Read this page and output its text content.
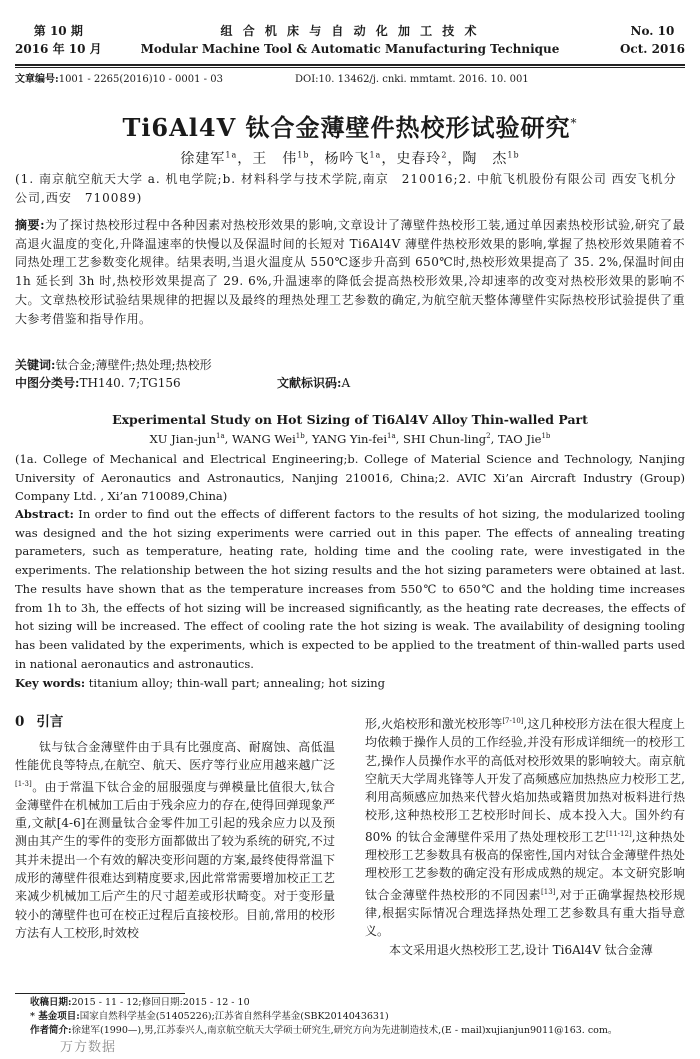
第 10 期
2016 年 10 月
组 合 机 床 与 自 动 化 加 工 技 术
Modular Machine Tool & Automatic Manufacturing Technique
No. 10
Oct. 2016
文章编号:1001 - 2265(2016)10 - 0001 - 03	DOI:10. 13462/j. cnki. mmtamt. 2016. 10. 001
Ti6Al4V 钛合金薄壁件热校形试验研究*
徐建军$^{1a}$，王　伟$^{1b}$，杨吟飞$^{1a}$，史春玲$^2$，陶　杰$^{1b}$
(1. 南京航空航天大学 a. 机电学院;b. 材料科学与技术学院,南京　210016;2. 中航飞机股份有限公司 西安飞机分公司,西安　710089)
摘要:为了探讨热校形过程中各种因素对热校形效果的影响,文章设计了薄壁件热校形工装,通过单因素热校形试验,研究了最高退火温度的变化,升降温速率的快慢以及保温时间的长短对 Ti6Al4V 薄壁件热校形效果的影响,掌握了热校形效果随着不同热处理工艺参数变化规律。结果表明,当退火温度从 550℃逐步升高到 650℃时,热校形效果提高了 35. 2%,保温时间由 1h 延长到 3h 时,热校形效果提高了 29. 6%,升温速率的降低会提高热校形效果,冷却速率的改变对热校形效果的影响不大。文章热校形试验结果规律的把握以及最终的理热处理工艺参数的确定,为航空航天整体薄壁件实际热校形试验提供了重大参考借鉴和指导作用。
关键词:钛合金;薄壁件;热处理;热校形
中图分类号:TH140. 7;TG156	文献标识码:A
Experimental Study on Hot Sizing of Ti6Al4V Alloy Thin-walled Part
XU Jian-jun$^{1a}$, WANG Wei$^{1b}$, YANG Yin-fei$^{1a}$, SHI Chun-ling$^2$, TAO Jie$^{1b}$
(1a. College of Mechanical and Electrical Engineering;b. College of Material Science and Technology, Nanjing University of Aeronautics and Astronautics, Nanjing 210016, China;2. AVIC Xi’an Aircraft Industry (Group) Company Ltd. , Xi’an 710089,China)
Abstract: In order to find out the effects of different factors to the results of hot sizing, the modularized tooling was designed and the hot sizing experiments were carried out in this paper. The effects of annealing treating parameters, such as temperature, heating rate, holding time and the cooling rate, were investigated in the experiments. The relationship between the hot sizing results and the hot sizing parameters were obtained at last. The results have shown that as the temperature increases from 550℃ to 650℃ and the holding time increases from 1h to 3h, the effects of hot sizing will be increased significantly, as the heating rate decreases, the effects of hot sizing will be increased. The effect of cooling rate the hot sizing is weak. The availability of designing tooling has been validated by the experiments, which is expected to be applied to the treatment of thin-walled parts used in national aeronautics and astronautics.
Key words: titanium alloy; thin-wall part; annealing; hot sizing
0 引言

钛与钛合金薄壁件由于具有比强度高、耐腐蚀、高低温性能优良等特点,在航空、航天、医疗等行业应用越来越广泛[1-3]。由于常温下钛合金的屈服强度与弹模量比值很大,钛合金薄壁件在机械加工后由于残余应力的存在,使得回弹现象严重,文献[4-6]在测量钛合金零件加工引起的残余应力以及预测由其产生的零件的变形方面都做出了较为系统的研究,不过其并未提出一个有效的解决变形问题的方案,最终使得常温下成形的薄壁件很难达到精度要求,因此常常需要增加校正工艺来减少机械加工后产生的尺寸超差或形状畸变。对于变形量较小的薄壁件也可在校正过程后直接校形。目前,常用的校形方法有人工校形,时效校

形,火焰校形和激光校形等[7-10],这几种校形方法在很大程度上均依赖于操作人员的工作经验,并没有形成详细统一的校形工艺,操作人员操作水平的高低对校形效果的影响较大。南京航空航天大学周兆锋等人开发了高频感应加热热应力校形工艺,利用高频感应加热来代替火焰加热或籍贯加热对板料进行热校形,这种热校形工艺校形时间长、成本投入大。国外约有 80% 的钛合金薄壁件采用了热处理校形工艺[11-12],这种热处理校形工艺参数具有极高的保密性,国内对钛合金薄壁件热处理校形工艺参数的确定没有形成成熟的规定。本文研究影响钛合金薄壁件热校形的不同因素[13],对于正确掌握热校形规律,根据实际情况合理选择热处理工艺参数具有重大指导意义。

本文采用退火热校形工艺,设计 Ti6Al4V 钛合金薄

收稿日期:2015 - 11 - 12;修回日期:2015 - 12 - 10
* 基金项目:国家自然科学基金(51405226);江苏省自然科学基金(SBK2014043631)
作者简介:徐建军(1990—),男,江苏泰兴人,南京航空航天大学硕士研究生,研究方向为先进制造技术,(E - mail)xujianjun9011@163. com。
万方数据
